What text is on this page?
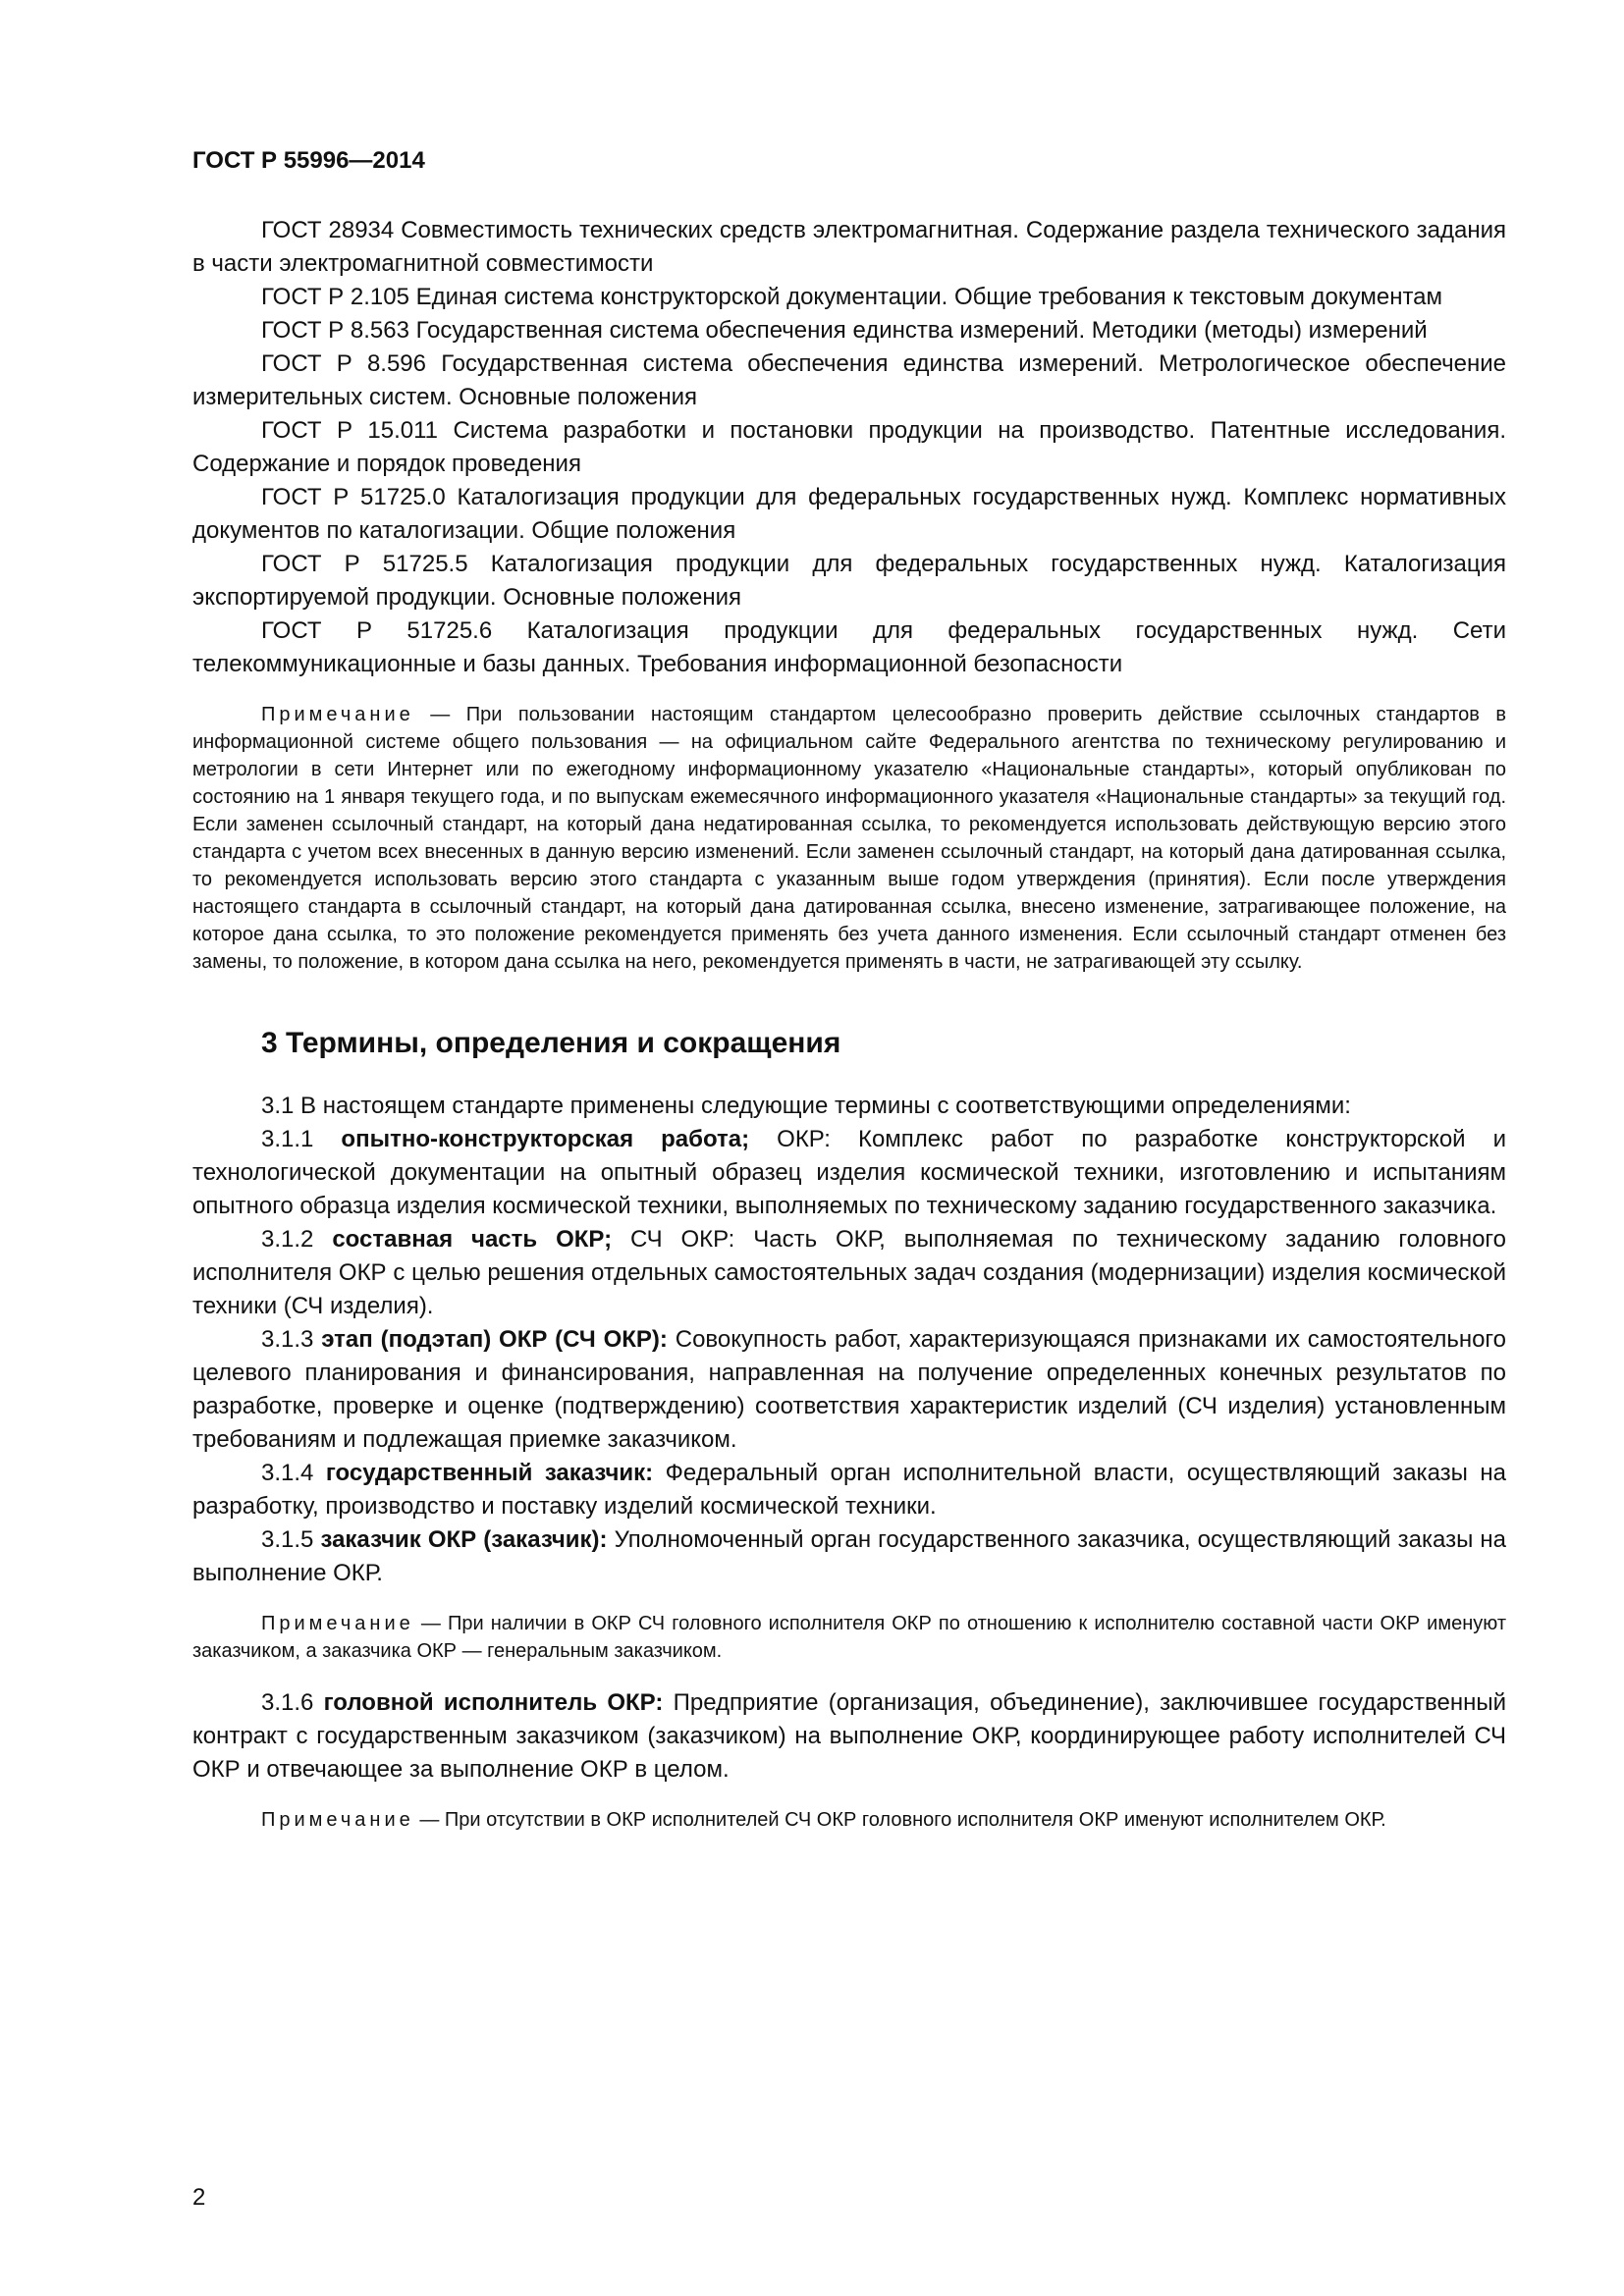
ГОСТ Р 55996—2014

ГОСТ 28934 Совместимость технических средств электромагнитная. Содержание раздела технического задания в части электромагнитной совместимости

ГОСТ Р 2.105 Единая система конструкторской документации. Общие требования к текстовым документам

ГОСТ Р 8.563 Государственная система обеспечения единства измерений. Методики (методы) измерений

ГОСТ Р 8.596 Государственная система обеспечения единства измерений. Метрологическое обеспечение измерительных систем. Основные положения

ГОСТ Р 15.011 Система разработки и постановки продукции на производство. Патентные исследования. Содержание и порядок проведения

ГОСТ Р 51725.0 Каталогизация продукции для федеральных государственных нужд. Комплекс нормативных документов по каталогизации. Общие положения

ГОСТ Р 51725.5 Каталогизация продукции для федеральных государственных нужд. Каталогизация экспортируемой продукции. Основные положения

ГОСТ Р 51725.6 Каталогизация продукции для федеральных государственных нужд. Сети телекоммуникационные и базы данных. Требования информационной безопасности

Примечание — При пользовании настоящим стандартом целесообразно проверить действие ссылочных стандартов в информационной системе общего пользования — на официальном сайте Федерального агентства по техническому регулированию и метрологии в сети Интернет или по ежегодному информационному указателю «Национальные стандарты», который опубликован по состоянию на 1 января текущего года, и по выпускам ежемесячного информационного указателя «Национальные стандарты» за текущий год. Если заменен ссылочный стандарт, на который дана недатированная ссылка, то рекомендуется использовать действующую версию этого стандарта с учетом всех внесенных в данную версию изменений. Если заменен ссылочный стандарт, на который дана датированная ссылка, то рекомендуется использовать версию этого стандарта с указанным выше годом утверждения (принятия). Если после утверждения настоящего стандарта в ссылочный стандарт, на который дана датированная ссылка, внесено изменение, затрагивающее положение, на которое дана ссылка, то это положение рекомендуется применять без учета данного изменения. Если ссылочный стандарт отменен без замены, то положение, в котором дана ссылка на него, рекомендуется применять в части, не затрагивающей эту ссылку.

3 Термины, определения и сокращения

3.1 В настоящем стандарте применены следующие термины с соответствующими определениями:

3.1.1 опытно-конструкторская работа; ОКР: Комплекс работ по разработке конструкторской и технологической документации на опытный образец изделия космической техники, изготовлению и испытаниям опытного образца изделия космической техники, выполняемых по техническому заданию государственного заказчика.

3.1.2 составная часть ОКР; СЧ ОКР: Часть ОКР, выполняемая по техническому заданию головного исполнителя ОКР с целью решения отдельных самостоятельных задач создания (модернизации) изделия космической техники (СЧ изделия).

3.1.3 этап (подэтап) ОКР (СЧ ОКР): Совокупность работ, характеризующаяся признаками их самостоятельного целевого планирования и финансирования, направленная на получение определенных конечных результатов по разработке, проверке и оценке (подтверждению) соответствия характеристик изделий (СЧ изделия) установленным требованиям и подлежащая приемке заказчиком.

3.1.4 государственный заказчик: Федеральный орган исполнительной власти, осуществляющий заказы на разработку, производство и поставку изделий космической техники.

3.1.5 заказчик ОКР (заказчик): Уполномоченный орган государственного заказчика, осуществляющий заказы на выполнение ОКР.

Примечание — При наличии в ОКР СЧ головного исполнителя ОКР по отношению к исполнителю составной части ОКР именуют заказчиком, а заказчика ОКР — генеральным заказчиком.

3.1.6 головной исполнитель ОКР: Предприятие (организация, объединение), заключившее государственный контракт с государственным заказчиком (заказчиком) на выполнение ОКР, координирующее работу исполнителей СЧ ОКР и отвечающее за выполнение ОКР в целом.

Примечание — При отсутствии в ОКР исполнителей СЧ ОКР головного исполнителя ОКР именуют исполнителем ОКР.

2
